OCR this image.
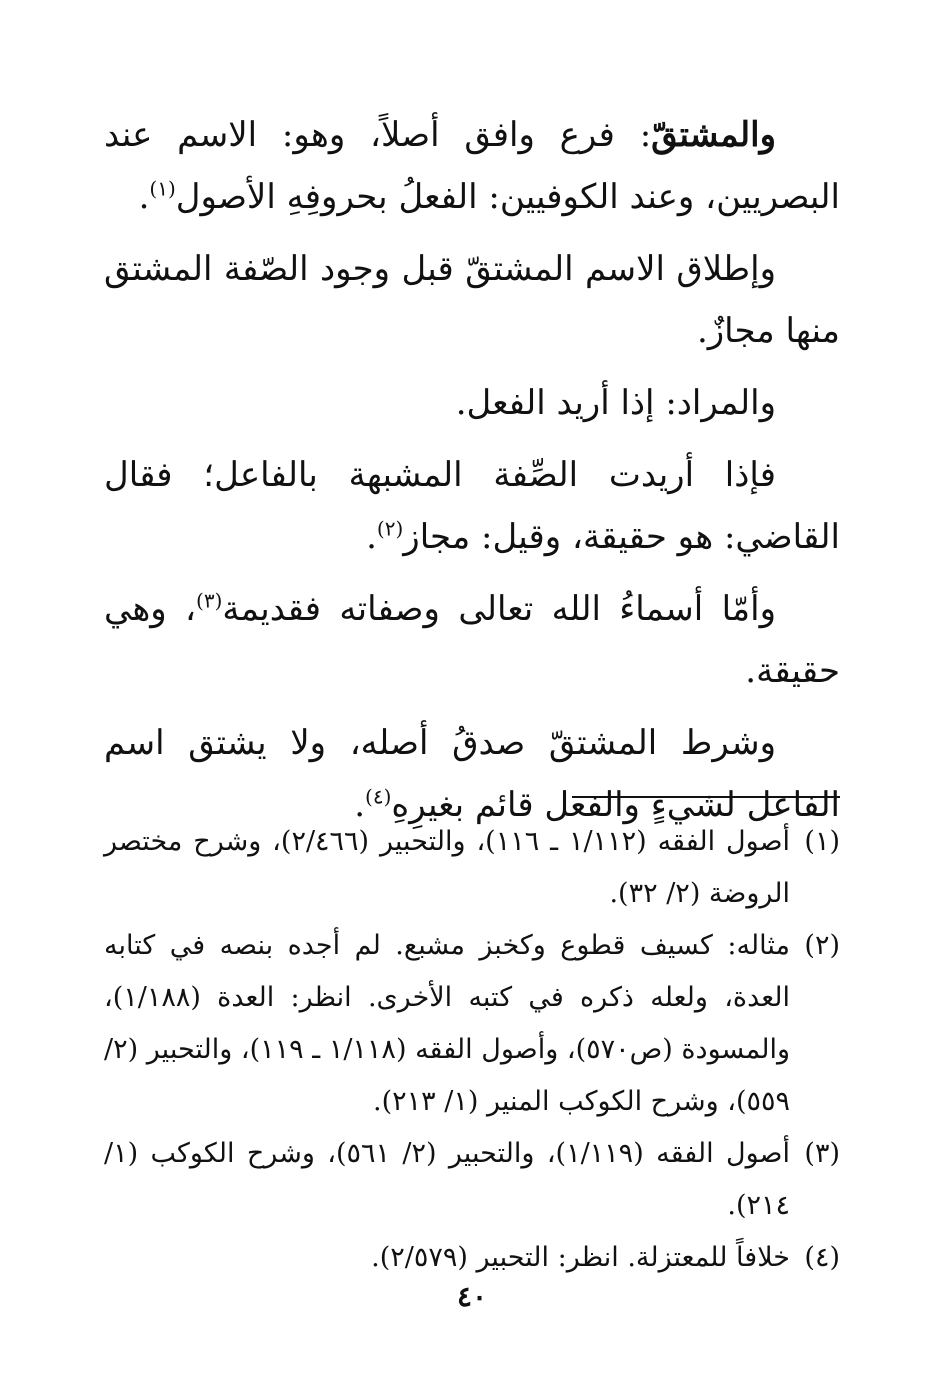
والمشتقّ: فرع وافق أصلاً، وهو: الاسم عند البصريين، وعند الكوفيين: الفعلُ بحروفِهِ الأصول$^{(١)}$.

وإطلاق الاسم المشتقّ قبل وجود الصّفة المشتق منها مجازٌ.

والمراد: إذا أريد الفعل.

فإذا أريدت الصِّفة المشبهة بالفاعل؛ فقال القاضي: هو حقيقة، وقيل: مجاز$^{(٢)}$.

وأمّا أسماءُ الله تعالى وصفاته فقديمة$^{(٣)}$، وهي حقيقة.

وشرط المشتقّ صدقُ أصله، ولا يشتق اسم الفاعل لشيءٍ والفعل قائم بغيرِهِ$^{(٤)}$.

(١)
أصول الفقه (١/١١٢ ـ ١١٦)، والتحبير (٢/٤٦٦)، وشرح مختصر الروضة (٢/ ٣٢).
(٢)
مثاله: كسيف قطوع وكخبز مشبع. لم أجده بنصه في كتابه العدة، ولعله ذكره في كتبه الأخرى. انظر: العدة (١/١٨٨)، والمسودة (ص٥٧٠)، وأصول الفقه (١/١١٨ ـ ١١٩)، والتحبير (٢/ ٥٥٩)، وشرح الكوكب المنير (١/ ٢١٣).
(٣)
أصول الفقه (١/١١٩)، والتحبير (٢/ ٥٦١)، وشرح الكوكب (١/ ٢١٤).
(٤)
خلافاً للمعتزلة. انظر: التحبير (٢/٥٧٩).
٤٠
